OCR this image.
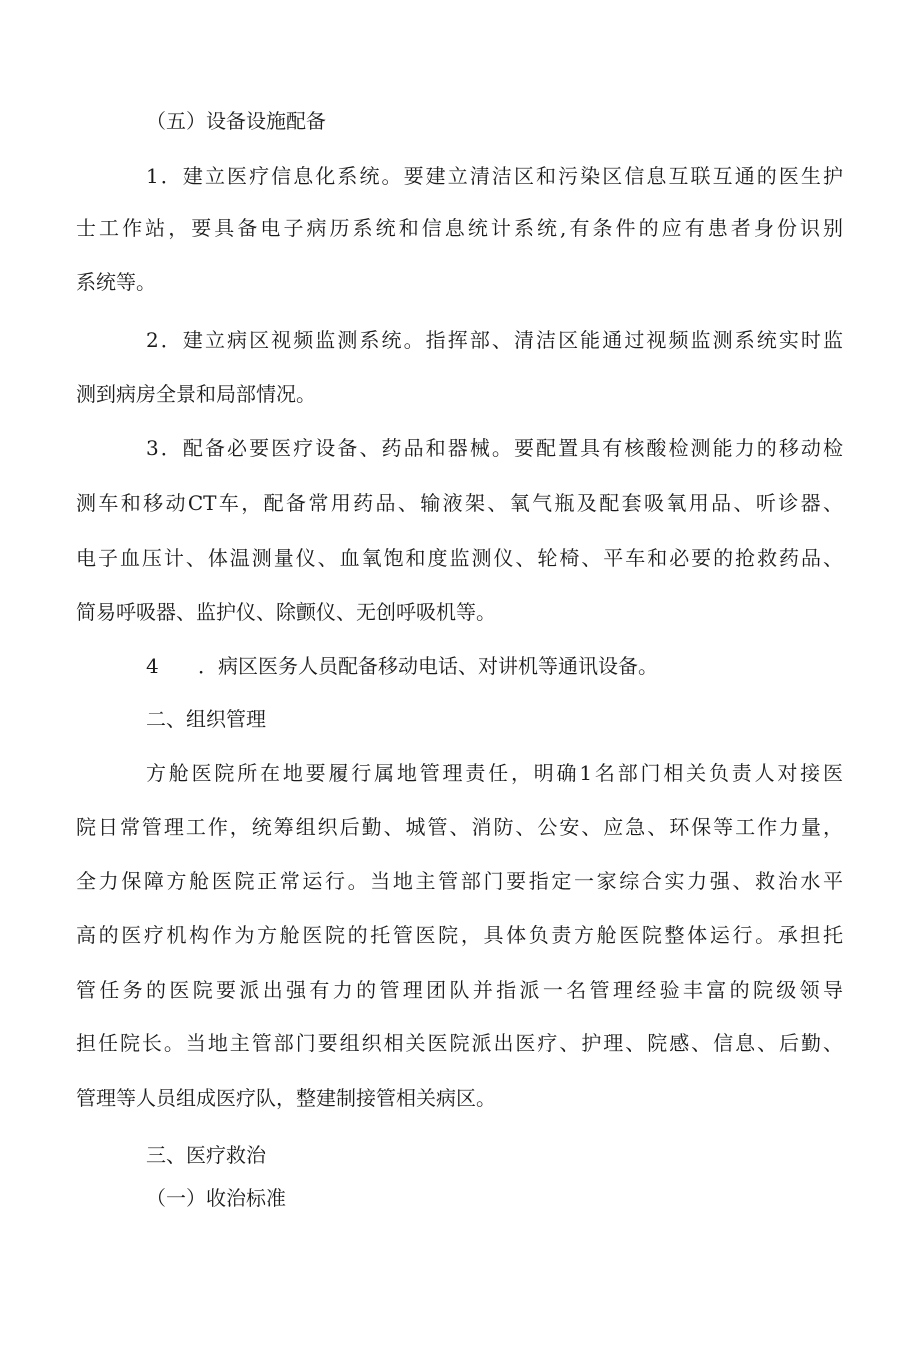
（五）设备设施配备
1．建立医疗信息化系统。要建立清洁区和污染区信息互联互通的医生护
士工作站，要具备电子病历系统和信息统计系统,有条件的应有患者身份识别
系统等。
2．建立病区视频监测系统。指挥部、清洁区能通过视频监测系统实时监
测到病房全景和局部情况。
3．配备必要医疗设备、药品和器械。要配置具有核酸检测能力的移动检
测车和移动CT车，配备常用药品、输液架、氧气瓶及配套吸氧用品、听诊器、
电子血压计、体温测量仪、血氧饱和度监测仪、轮椅、平车和必要的抢救药品、
简易呼吸器、监护仪、除颤仪、无创呼吸机等。
4 ．病区医务人员配备移动电话、对讲机等通讯设备。
二、组织管理
方舱医院所在地要履行属地管理责任，明确1名部门相关负责人对接医
院日常管理工作，统筹组织后勤、城管、消防、公安、应急、环保等工作力量，
全力保障方舱医院正常运行。当地主管部门要指定一家综合实力强、救治水平
高的医疗机构作为方舱医院的托管医院，具体负责方舱医院整体运行。承担托
管任务的医院要派出强有力的管理团队并指派一名管理经验丰富的院级领导
担任院长。当地主管部门要组织相关医院派出医疗、护理、院感、信息、后勤、
管理等人员组成医疗队，整建制接管相关病区。
三、医疗救治
（一）收治标准
